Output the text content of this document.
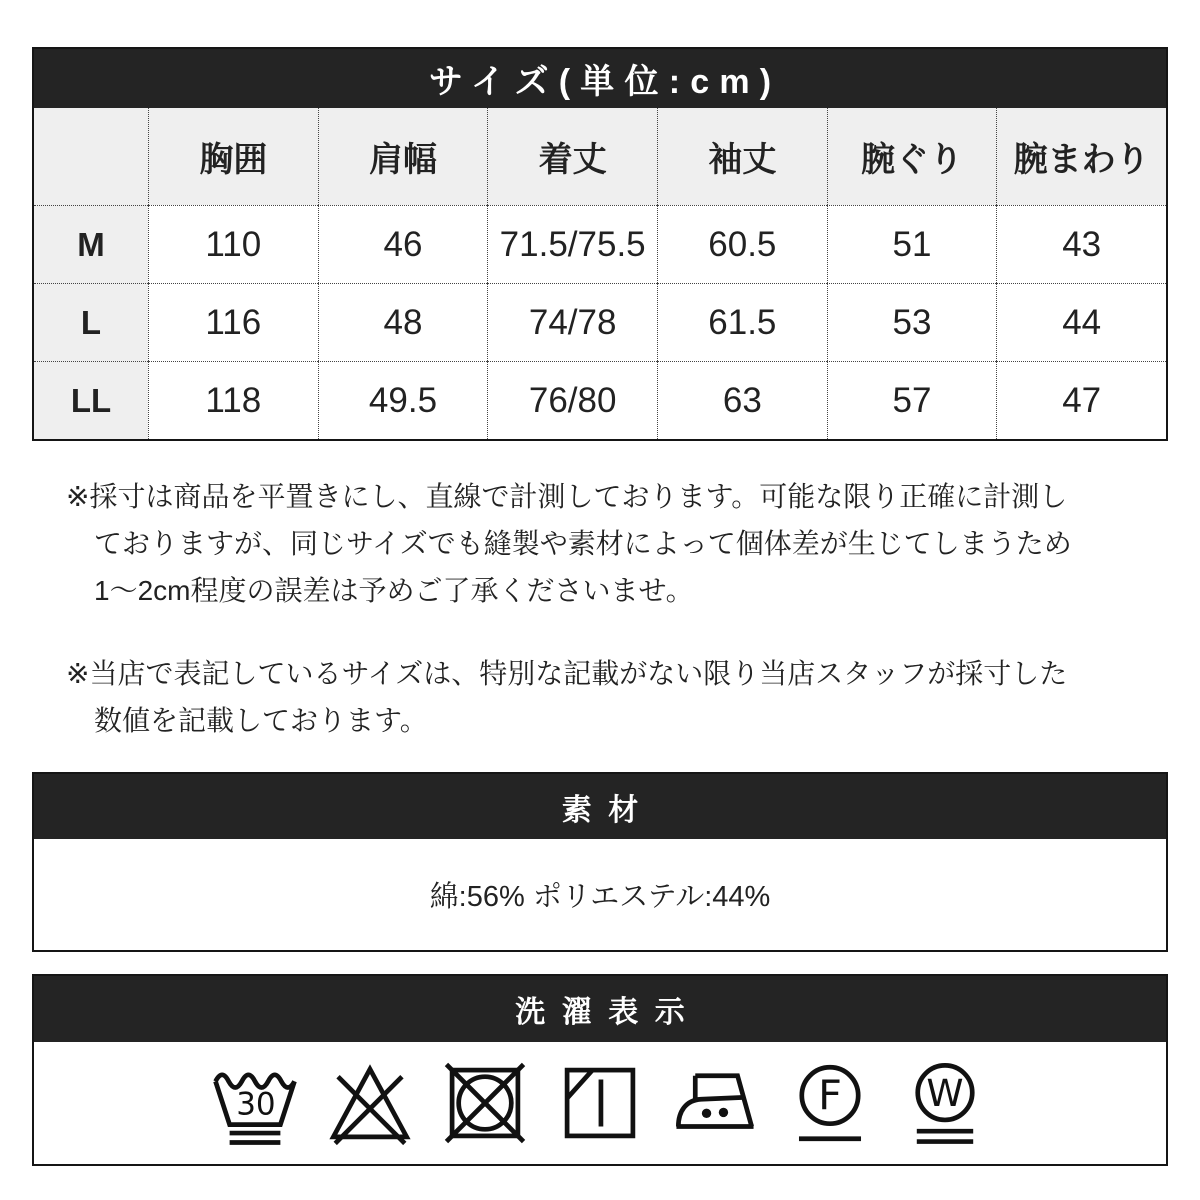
サイズ(単位:cm)
胸囲	肩幅	着丈	袖丈	腕ぐり	腕まわり
M	110	46	71.5/75.5	60.5	51	43
L	116	48	74/78	61.5	53	44
LL	118	49.5	76/80	63	57	47

※採寸は商品を平置きにし、直線で計測しております。可能な限り正確に計測しておりますが、同じサイズでも縫製や素材によって個体差が生じてしまうため1〜2cm程度の誤差は予めご了承くださいませ。

※当店で表記しているサイズは、特別な記載がない限り当店スタッフが採寸した数値を記載しております。

素材
綿:56% ポリエステル:44%
洗濯表示
30	F W
